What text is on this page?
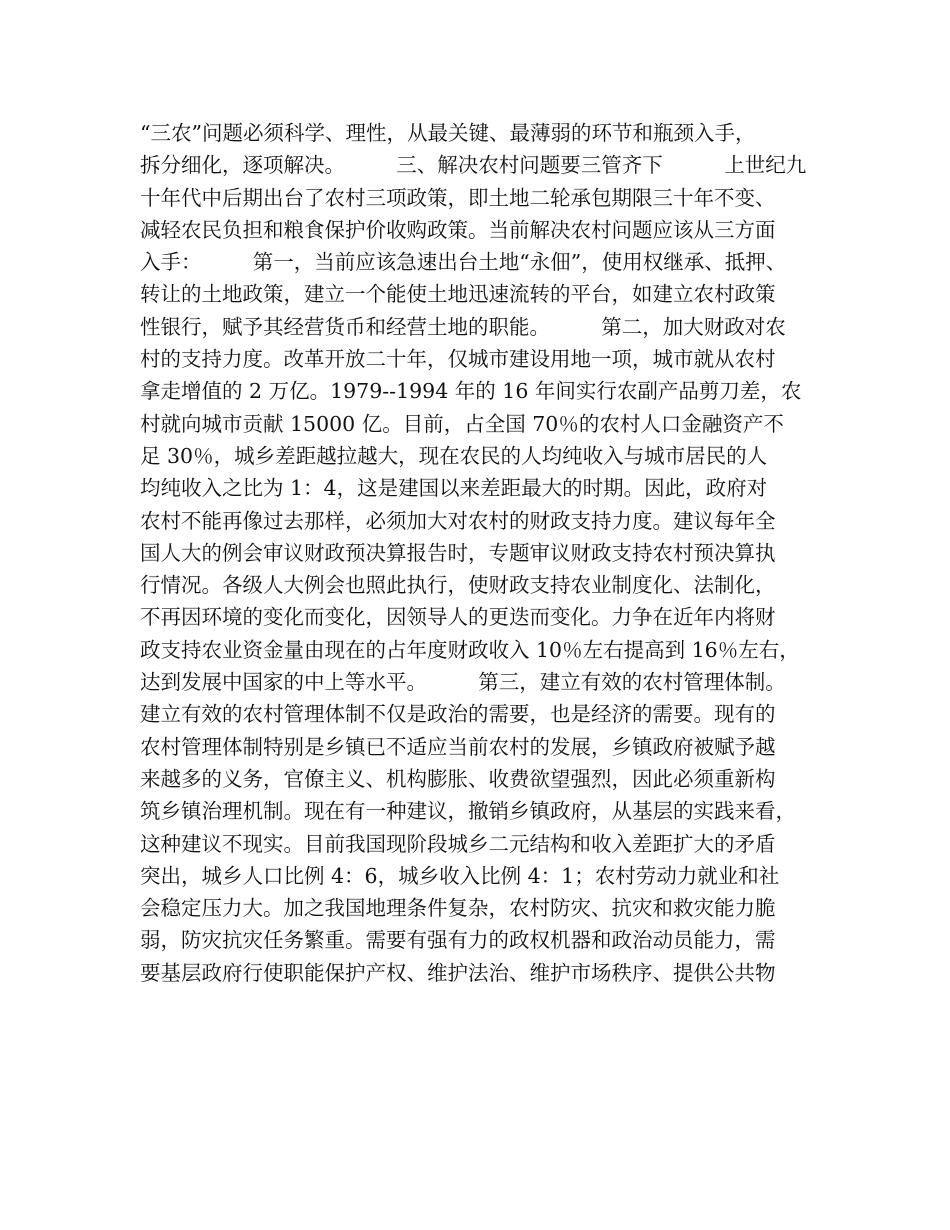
“三农”问题必须科学、理性，从最关键、最薄弱的环节和瓶颈入手，
拆分细化，逐项解决。　　　三、解决农村问题要三管齐下　　　上世纪九
十年代中后期出台了农村三项政策，即土地二轮承包期限三十年不变、
减轻农民负担和粮食保护价收购政策。当前解决农村问题应该从三方面
入手：　　　第一，当前应该急速出台土地“永佃”，使用权继承、抵押、
转让的土地政策，建立一个能使土地迅速流转的平台，如建立农村政策
性银行，赋予其经营货币和经营土地的职能。　　　第二，加大财政对农
村的支持力度。改革开放二十年，仅城市建设用地一项，城市就从农村
拿走增值的 2 万亿。1979--1994 年的 16 年间实行农副产品剪刀差，农
村就向城市贡献 15000 亿。目前，占全国 70％的农村人口金融资产不
足 30％，城乡差距越拉越大，现在农民的人均纯收入与城市居民的人
均纯收入之比为 1：4，这是建国以来差距最大的时期。因此，政府对
农村不能再像过去那样，必须加大对农村的财政支持力度。建议每年全
国人大的例会审议财政预决算报告时，专题审议财政支持农村预决算执
行情况。各级人大例会也照此执行，使财政支持农业制度化、法制化，
不再因环境的变化而变化，因领导人的更迭而变化。力争在近年内将财
政支持农业资金量由现在的占年度财政收入 10％左右提高到 16％左右，
达到发展中国家的中上等水平。　　　第三，建立有效的农村管理体制。
建立有效的农村管理体制不仅是政治的需要，也是经济的需要。现有的
农村管理体制特别是乡镇已不适应当前农村的发展，乡镇政府被赋予越
来越多的义务，官僚主义、机构膨胀、收费欲望强烈，因此必须重新构
筑乡镇治理机制。现在有一种建议，撤销乡镇政府，从基层的实践来看，
这种建议不现实。目前我国现阶段城乡二元结构和收入差距扩大的矛盾
突出，城乡人口比例 4：6，城乡收入比例 4：1；农村劳动力就业和社
会稳定压力大。加之我国地理条件复杂，农村防灾、抗灾和救灾能力脆
弱，防灾抗灾任务繁重。需要有强有力的政权机器和政治动员能力，需
要基层政府行使职能保护产权、维护法治、维护市场秩序、提供公共物
